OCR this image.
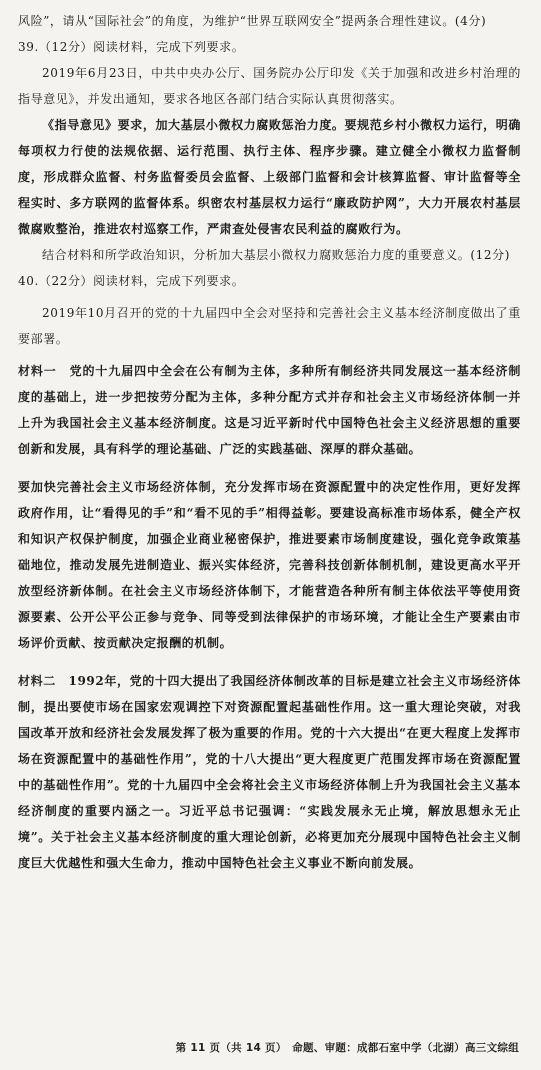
风险”，请从“国际社会”的角度，为维护“世界互联网安全”提两条合理性建议。(4分)

39.（12分）阅读材料，完成下列要求。

2019年6月23日，中共中央办公厅、国务院办公厅印发《关于加强和改进乡村治理的指导意见》，并发出通知，要求各地区各部门结合实际认真贯彻落实。

《指导意见》要求，加大基层小微权力腐败惩治力度。要规范乡村小微权力运行，明确每项权力行使的法规依据、运行范围、执行主体、程序步骤。建立健全小微权力监督制度，形成群众监督、村务监督委员会监督、上级部门监督和会计核算监督、审计监督等全程实时、多方联网的监督体系。织密农村基层权力运行“廉政防护网”，大力开展农村基层微腐败整治，推进农村巡察工作，严肃查处侵害农民利益的腐败行为。

结合材料和所学政治知识，分析加大基层小微权力腐败惩治力度的重要意义。(12分)

40.（22分）阅读材料，完成下列要求。

2019年10月召开的党的十九届四中全会对坚持和完善社会主义基本经济制度做出了重要部署。

材料一　党的十九届四中全会在公有制为主体，多种所有制经济共同发展这一基本经济制度的基础上，进一步把按劳分配为主体，多种分配方式并存和社会主义市场经济体制一并上升为我国社会主义基本经济制度。这是习近平新时代中国特色社会主义经济思想的重要创新和发展，具有科学的理论基础、广泛的实践基础、深厚的群众基础。

要加快完善社会主义市场经济体制，充分发挥市场在资源配置中的决定性作用，更好发挥政府作用，让“看得见的手”和“看不见的手”相得益彰。要建设高标准市场体系，健全产权和知识产权保护制度，加强企业商业秘密保护，推进要素市场制度建设，强化竞争政策基础地位，推动发展先进制造业、振兴实体经济，完善科技创新体制机制，建设更高水平开放型经济新体制。在社会主义市场经济体制下，才能营造各种所有制主体依法平等使用资源要素、公开公平公正参与竞争、同等受到法律保护的市场环境，才能让全生产要素由市场评价贡献、按贡献决定报酬的机制。

材料二　1992年，党的十四大提出了我国经济体制改革的目标是建立社会主义市场经济体制，提出要使市场在国家宏观调控下对资源配置起基础性作用。这一重大理论突破，对我国改革开放和经济社会发展发挥了极为重要的作用。党的十六大提出“在更大程度上发挥市场在资源配置中的基础性作用”，党的十八大提出“更大程度更广范围发挥市场在资源配置中的基础性作用”。党的十九届四中全会将社会主义市场经济体制上升为我国社会主义基本经济制度的重要内涵之一。习近平总书记强调：“实践发展永无止境，解放思想永无止境”。关于社会主义基本经济制度的重大理论创新，必将更加充分展现中国特色社会主义制度巨大优越性和强大生命力，推动中国特色社会主义事业不断向前发展。

第 11 页（共 14 页）　命题、审题：成都石室中学（北湖）高三文综组
